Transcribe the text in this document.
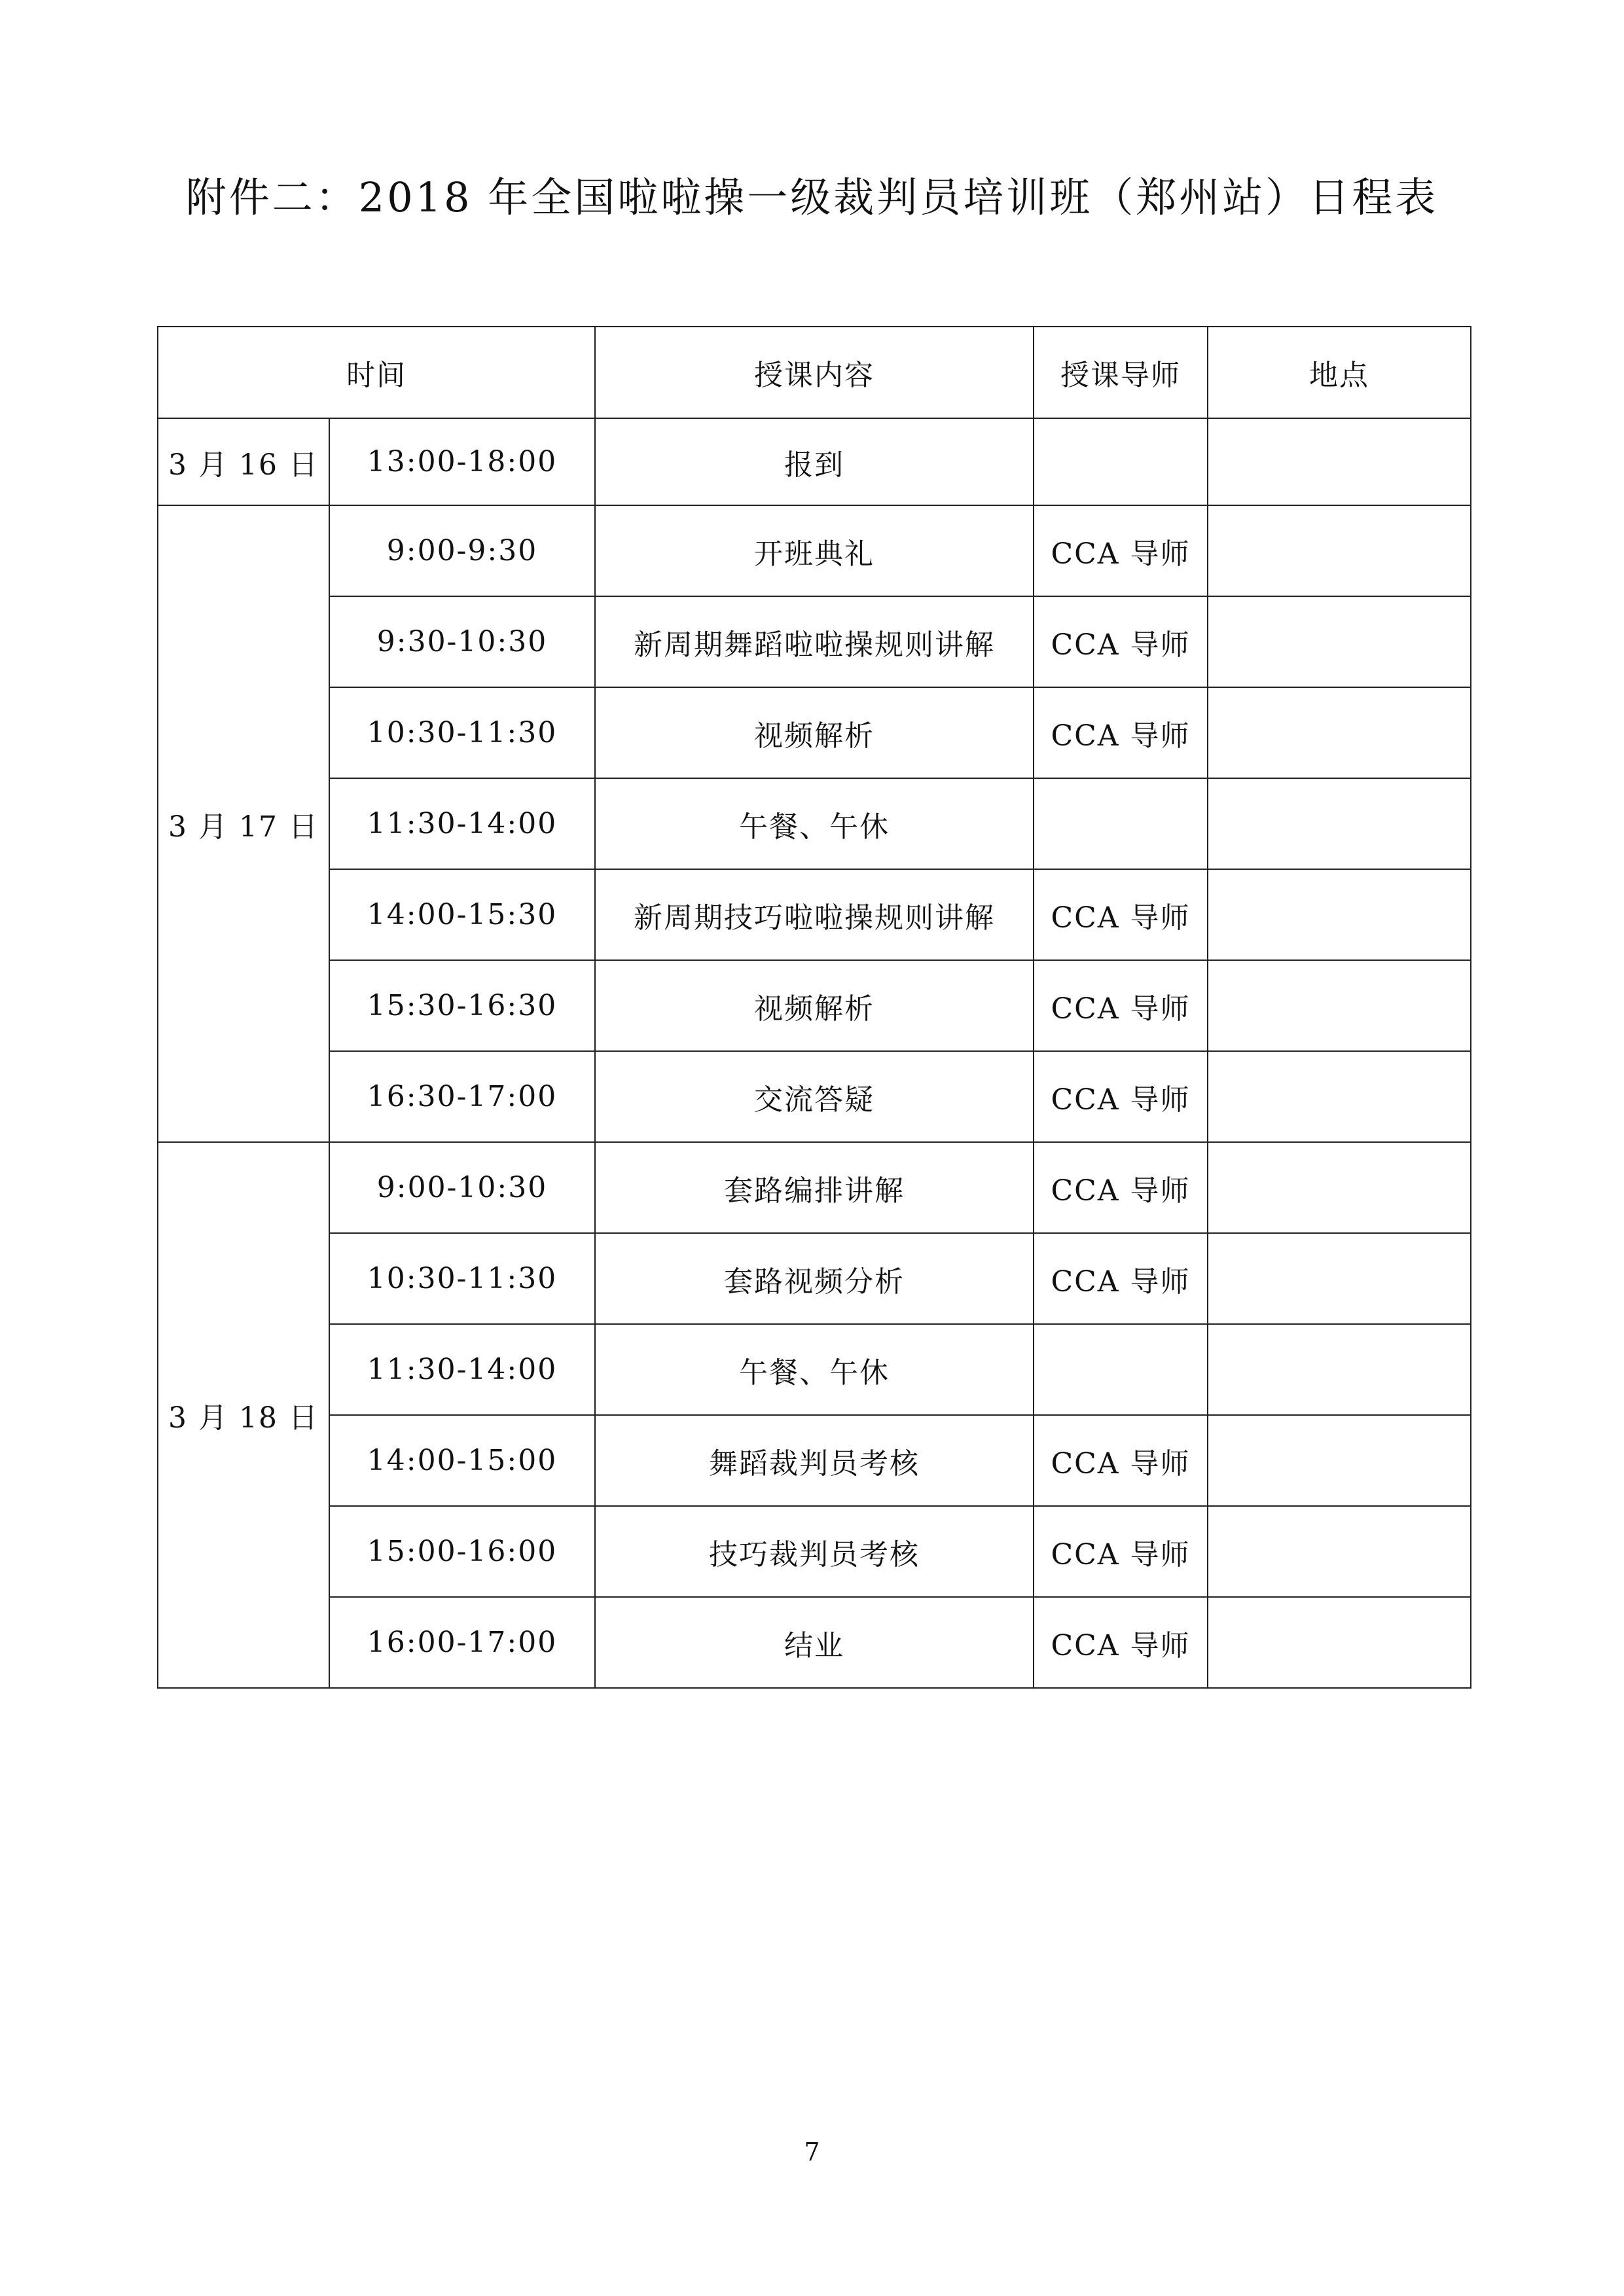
附件二：2018 年全国啦啦操一级裁判员培训班（郑州站）日程表
时间		授课内容	授课导师	地点
3 月 16 日	13:00-18:00	报到		
3 月 17 日	9:00-9:30	开班典礼	CCA 导师	
	9:30-10:30	新周期舞蹈啦啦操规则讲解	CCA 导师	
	10:30-11:30	视频解析	CCA 导师	
	11:30-14:00	午餐、午休		
	14:00-15:30	新周期技巧啦啦操规则讲解	CCA 导师	
	15:30-16:30	视频解析	CCA 导师	
	16:30-17:00	交流答疑	CCA 导师	
3 月 18 日	9:00-10:30	套路编排讲解	CCA 导师	
	10:30-11:30	套路视频分析	CCA 导师	
	11:30-14:00	午餐、午休		
	14:00-15:00	舞蹈裁判员考核	CCA 导师	
	15:00-16:00	技巧裁判员考核	CCA 导师	
	16:00-17:00	结业	CCA 导师	
7
